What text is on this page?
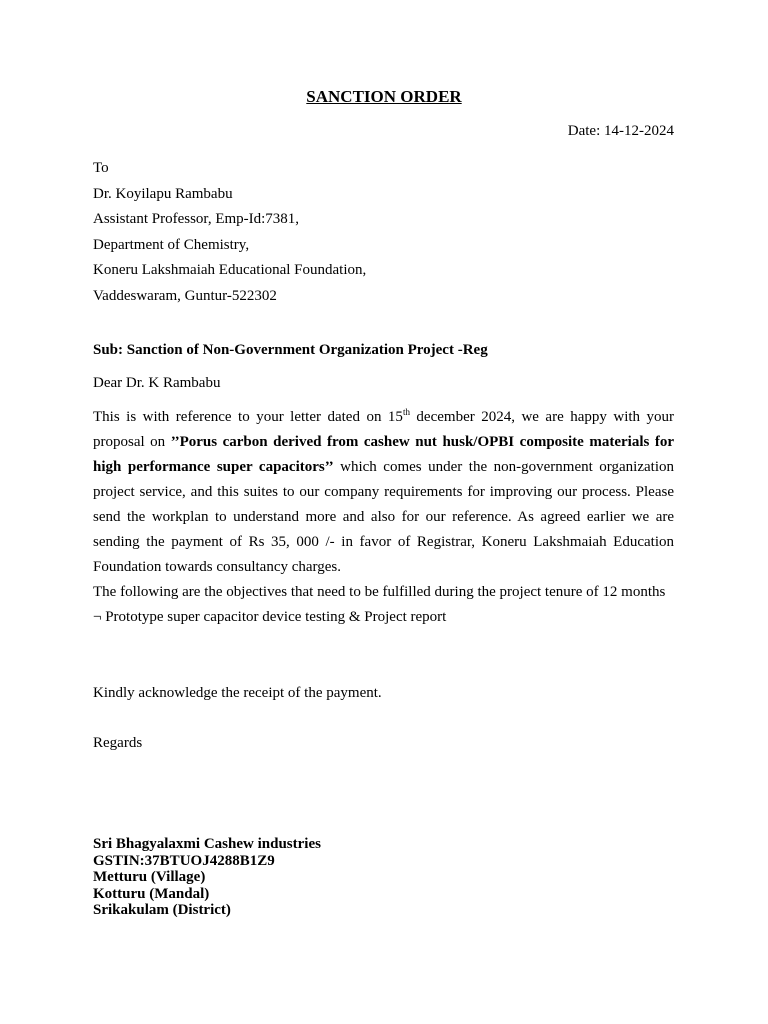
SANCTION ORDER

Date: 14-12-2024

To
Dr. Koyilapu Rambabu
Assistant Professor, Emp-Id:7381,
Department of Chemistry,
Koneru Lakshmaiah Educational Foundation,
Vaddeswaram, Guntur-522302

Sub: Sanction of Non-Government Organization Project -Reg

Dear Dr. K Rambabu

This is with reference to your letter dated on 15th december 2024, we are happy with your proposal on ’’Porus carbon derived from cashew nut husk/OPBI composite materials for high performance super capacitors’’ which comes under the non-government organization project service, and this suites to our company requirements for improving our process. Please send the workplan to understand more and also for our reference. As agreed earlier we are sending the payment of Rs 35, 000 /- in favor of Registrar, Koneru Lakshmaiah Education Foundation towards consultancy charges.

The following are the objectives that need to be fulfilled during the project tenure of 12 months

¬ Prototype super capacitor device testing & Project report

Kindly acknowledge the receipt of the payment.

Regards

Sri Bhagyalaxmi Cashew industries
GSTIN:37BTUOJ4288B1Z9
Metturu (Village)
Kotturu (Mandal)
Srikakulam (District)
